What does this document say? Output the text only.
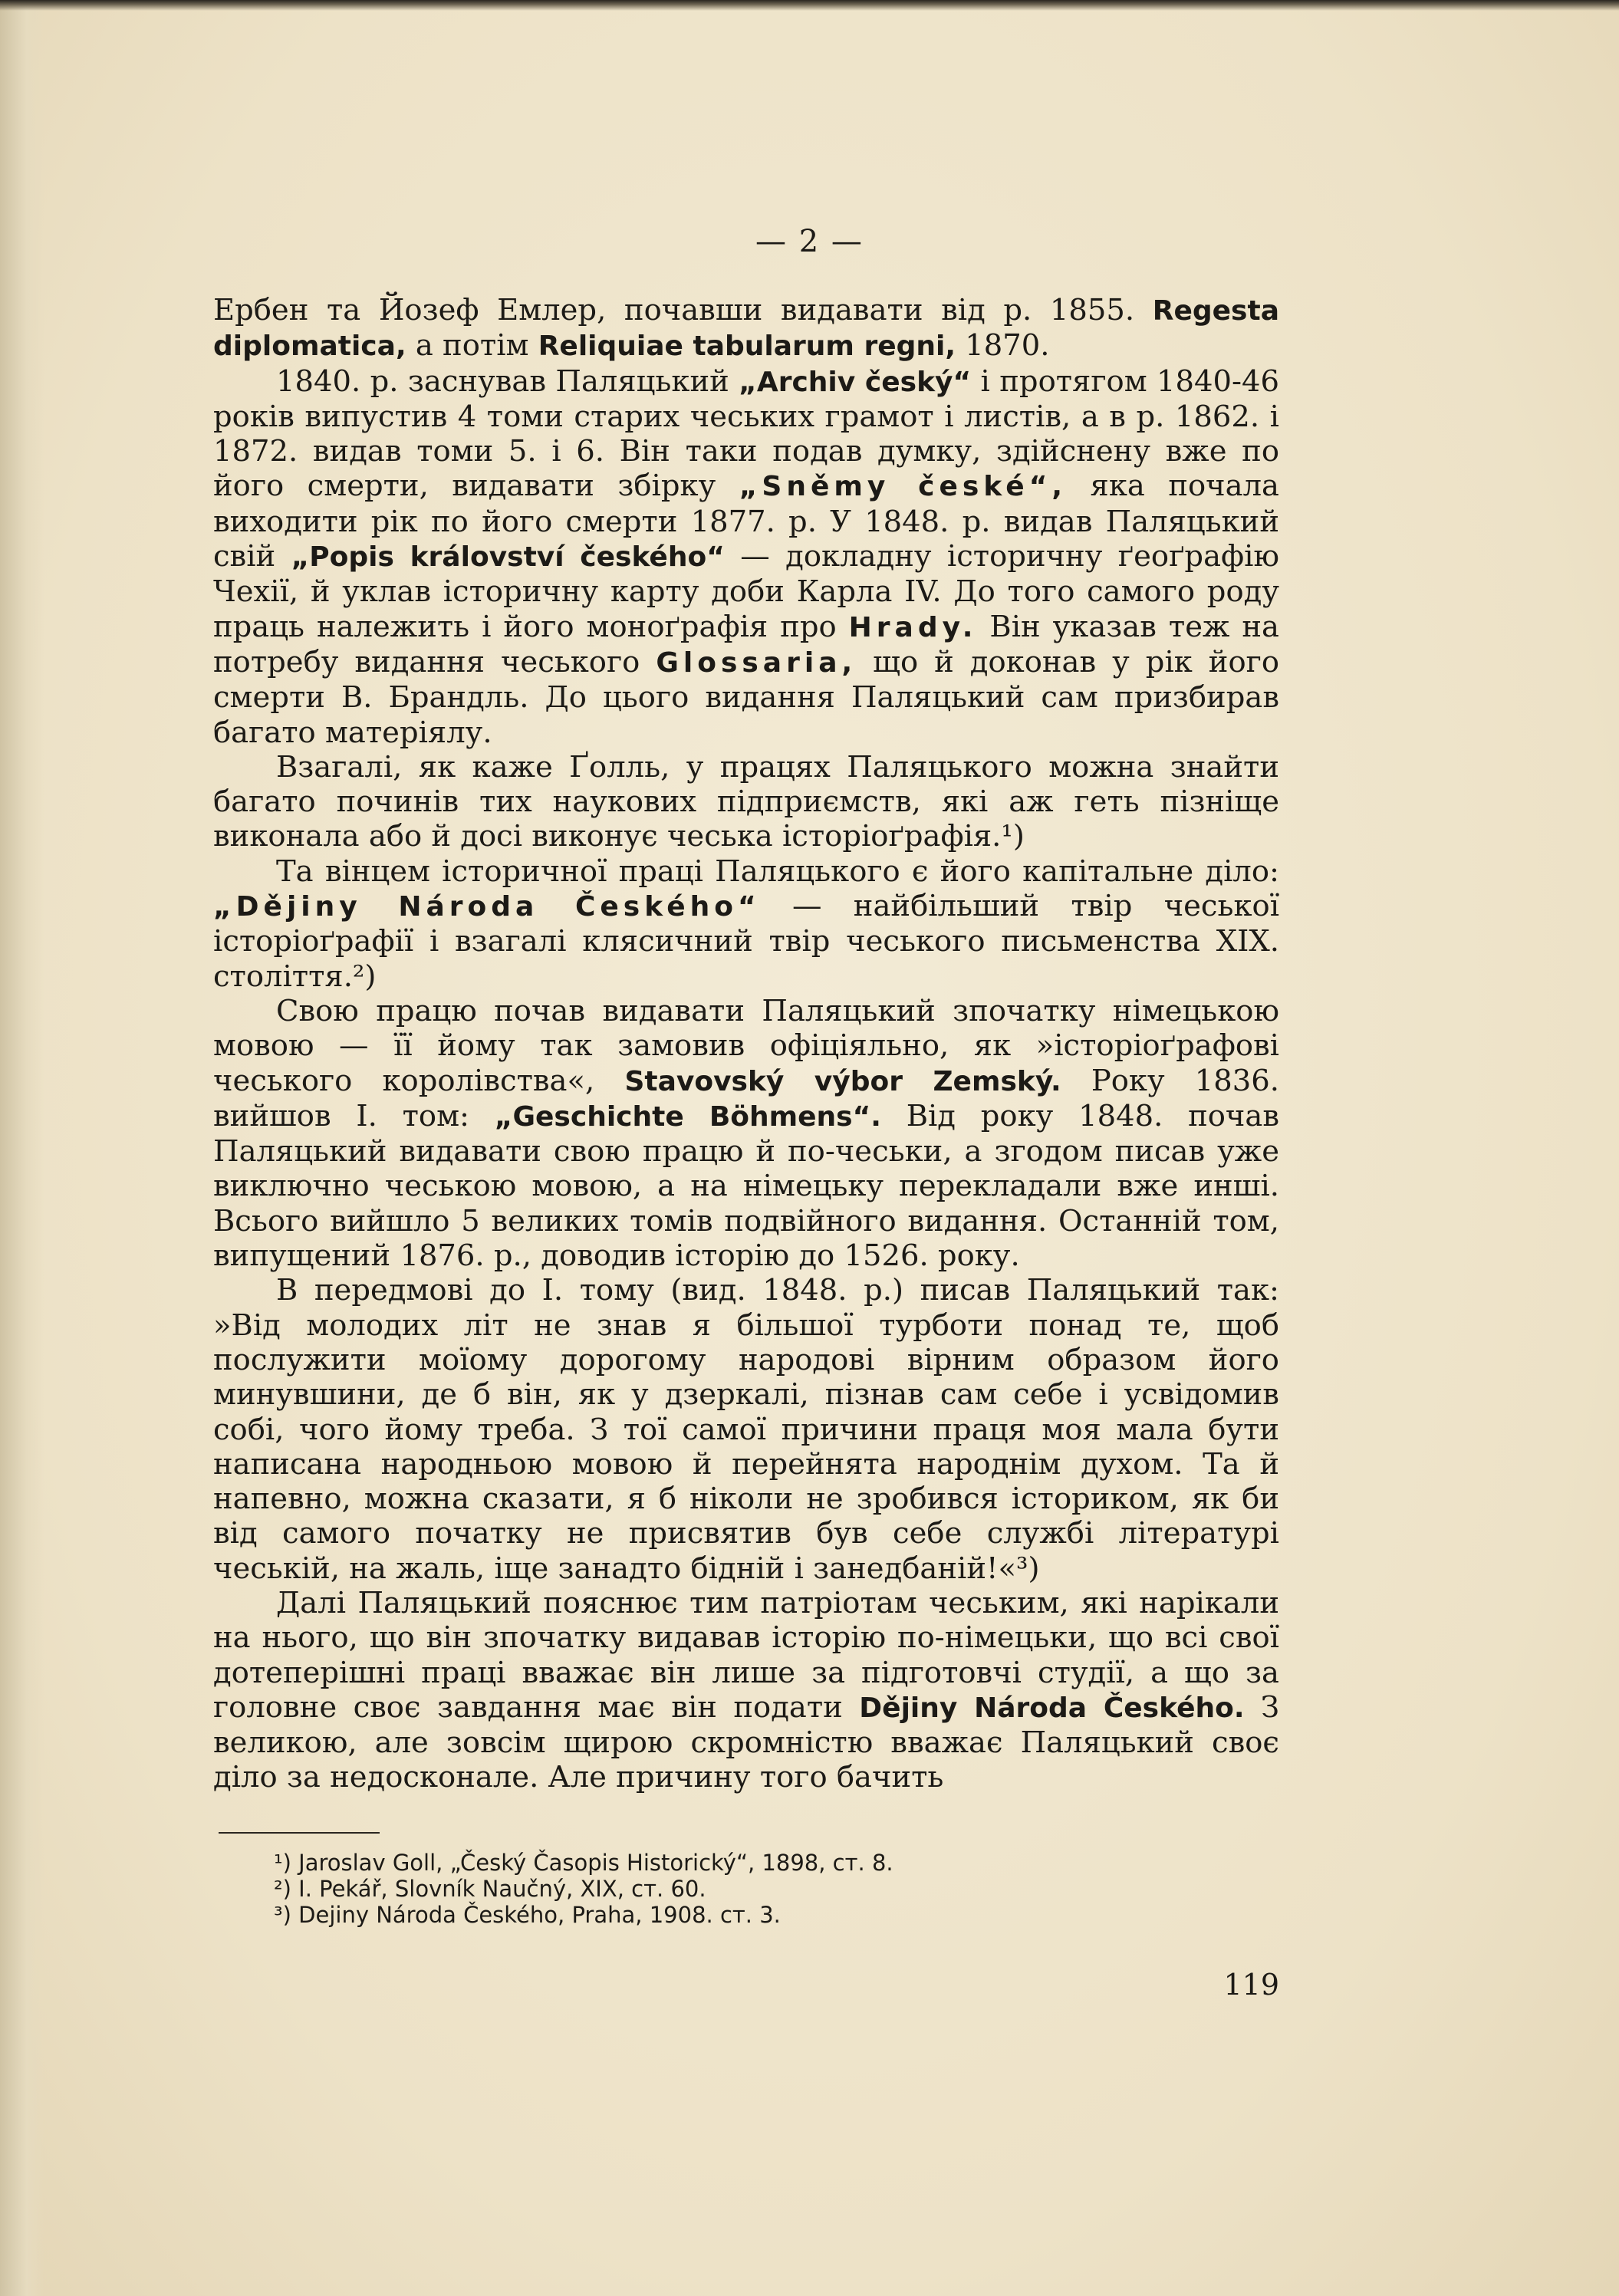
— 2 —

Ербен та Йозеф Емлер, почавши видавати від р. 1855. Regesta diplomatica, а потім Reliquiae tabularum regni, 1870.

1840. р. заснував Паляцький „Archiv český“ і протягом 1840-46 років випустив 4 томи старих чеських грамот і листів, а в р. 1862. і 1872. видав томи 5. і 6. Він таки подав думку, здійснену вже по його смерти, видавати збірку „Sněmy české“, яка почала виходити рік по його смерти 1877. р. У 1848. р. видав Паляцький свій „Popis království českého“ — докладну історичну ґеоґрафію Чехії, й уклав історичну карту доби Карла IV. До того самого роду праць належить і його моноґрафія про Hrady. Він указав теж на потребу видання чеського Glossaria, що й доконав у рік його смерти В. Брандль. До цього видання Паляцький сам призбирав багато матеріялу.

Взагалі, як каже Ґолль, у працях Паляцького можна знайти багато починів тих наукових підприємств, які аж геть пізніще виконала або й досі виконує чеська історіоґрафія.¹)

Та вінцем історичної праці Паляцького є його капітальне діло: „Dějiny Národa Českého“ — найбільший твір чеської історіоґрафії і взагалі клясичний твір чеського письменства XIX. століття.²)

Свою працю почав видавати Паляцький зпочатку німецькою мовою — її йому так замовив офіціяльно, як »історіоґрафові чеського королівства«, Stavovský výbor Zemský. Року 1836. вийшов I. том: „Geschichte Böhmens“. Від року 1848. почав Паляцький видавати свою працю й по-чеськи, а згодом писав уже виключно чеською мовою, а на німецьку перекладали вже инші. Всього вийшло 5 великих томів подвійного видання. Останній том, випущений 1876. р., доводив історію до 1526. року.

В передмові до I. тому (вид. 1848. р.) писав Паляцький так: »Від молодих літ не знав я більшої турботи понад те, щоб послужити моїому дорогому народові вірним образом його минувшини, де б він, як у дзеркалі, пізнав сам себе і усвідомив собі, чого йому треба. З тої самої причини праця моя мала бути написана народньою мовою й перейнята народнім духом. Та й напевно, можна сказати, я б ніколи не зробився істориком, як би від самого початку не присвятив був себе службі літературі чеській, на жаль, іще занадто бідній і занедбаній!«³)

Далі Паляцький пояснює тим патріотам чеським, які нарікали на нього, що він зпочатку видавав історію по-німецьки, що всі свої дотеперішні праці вважає він лише за підготовчі студії, а що за головне своє завдання має він подати Dějiny Národa Českého. З великою, але зовсім щирою скромністю вважає Паляцький своє діло за недосконале. Але причину того бачить

¹) Jaroslav Goll, „Český Časopis Historický“, 1898, ст. 8.
²) I. Pekář, Slovník Naučný, XIX, ст. 60.
³) Dejiny Národa Českého, Praha, 1908. ст. 3.
119
